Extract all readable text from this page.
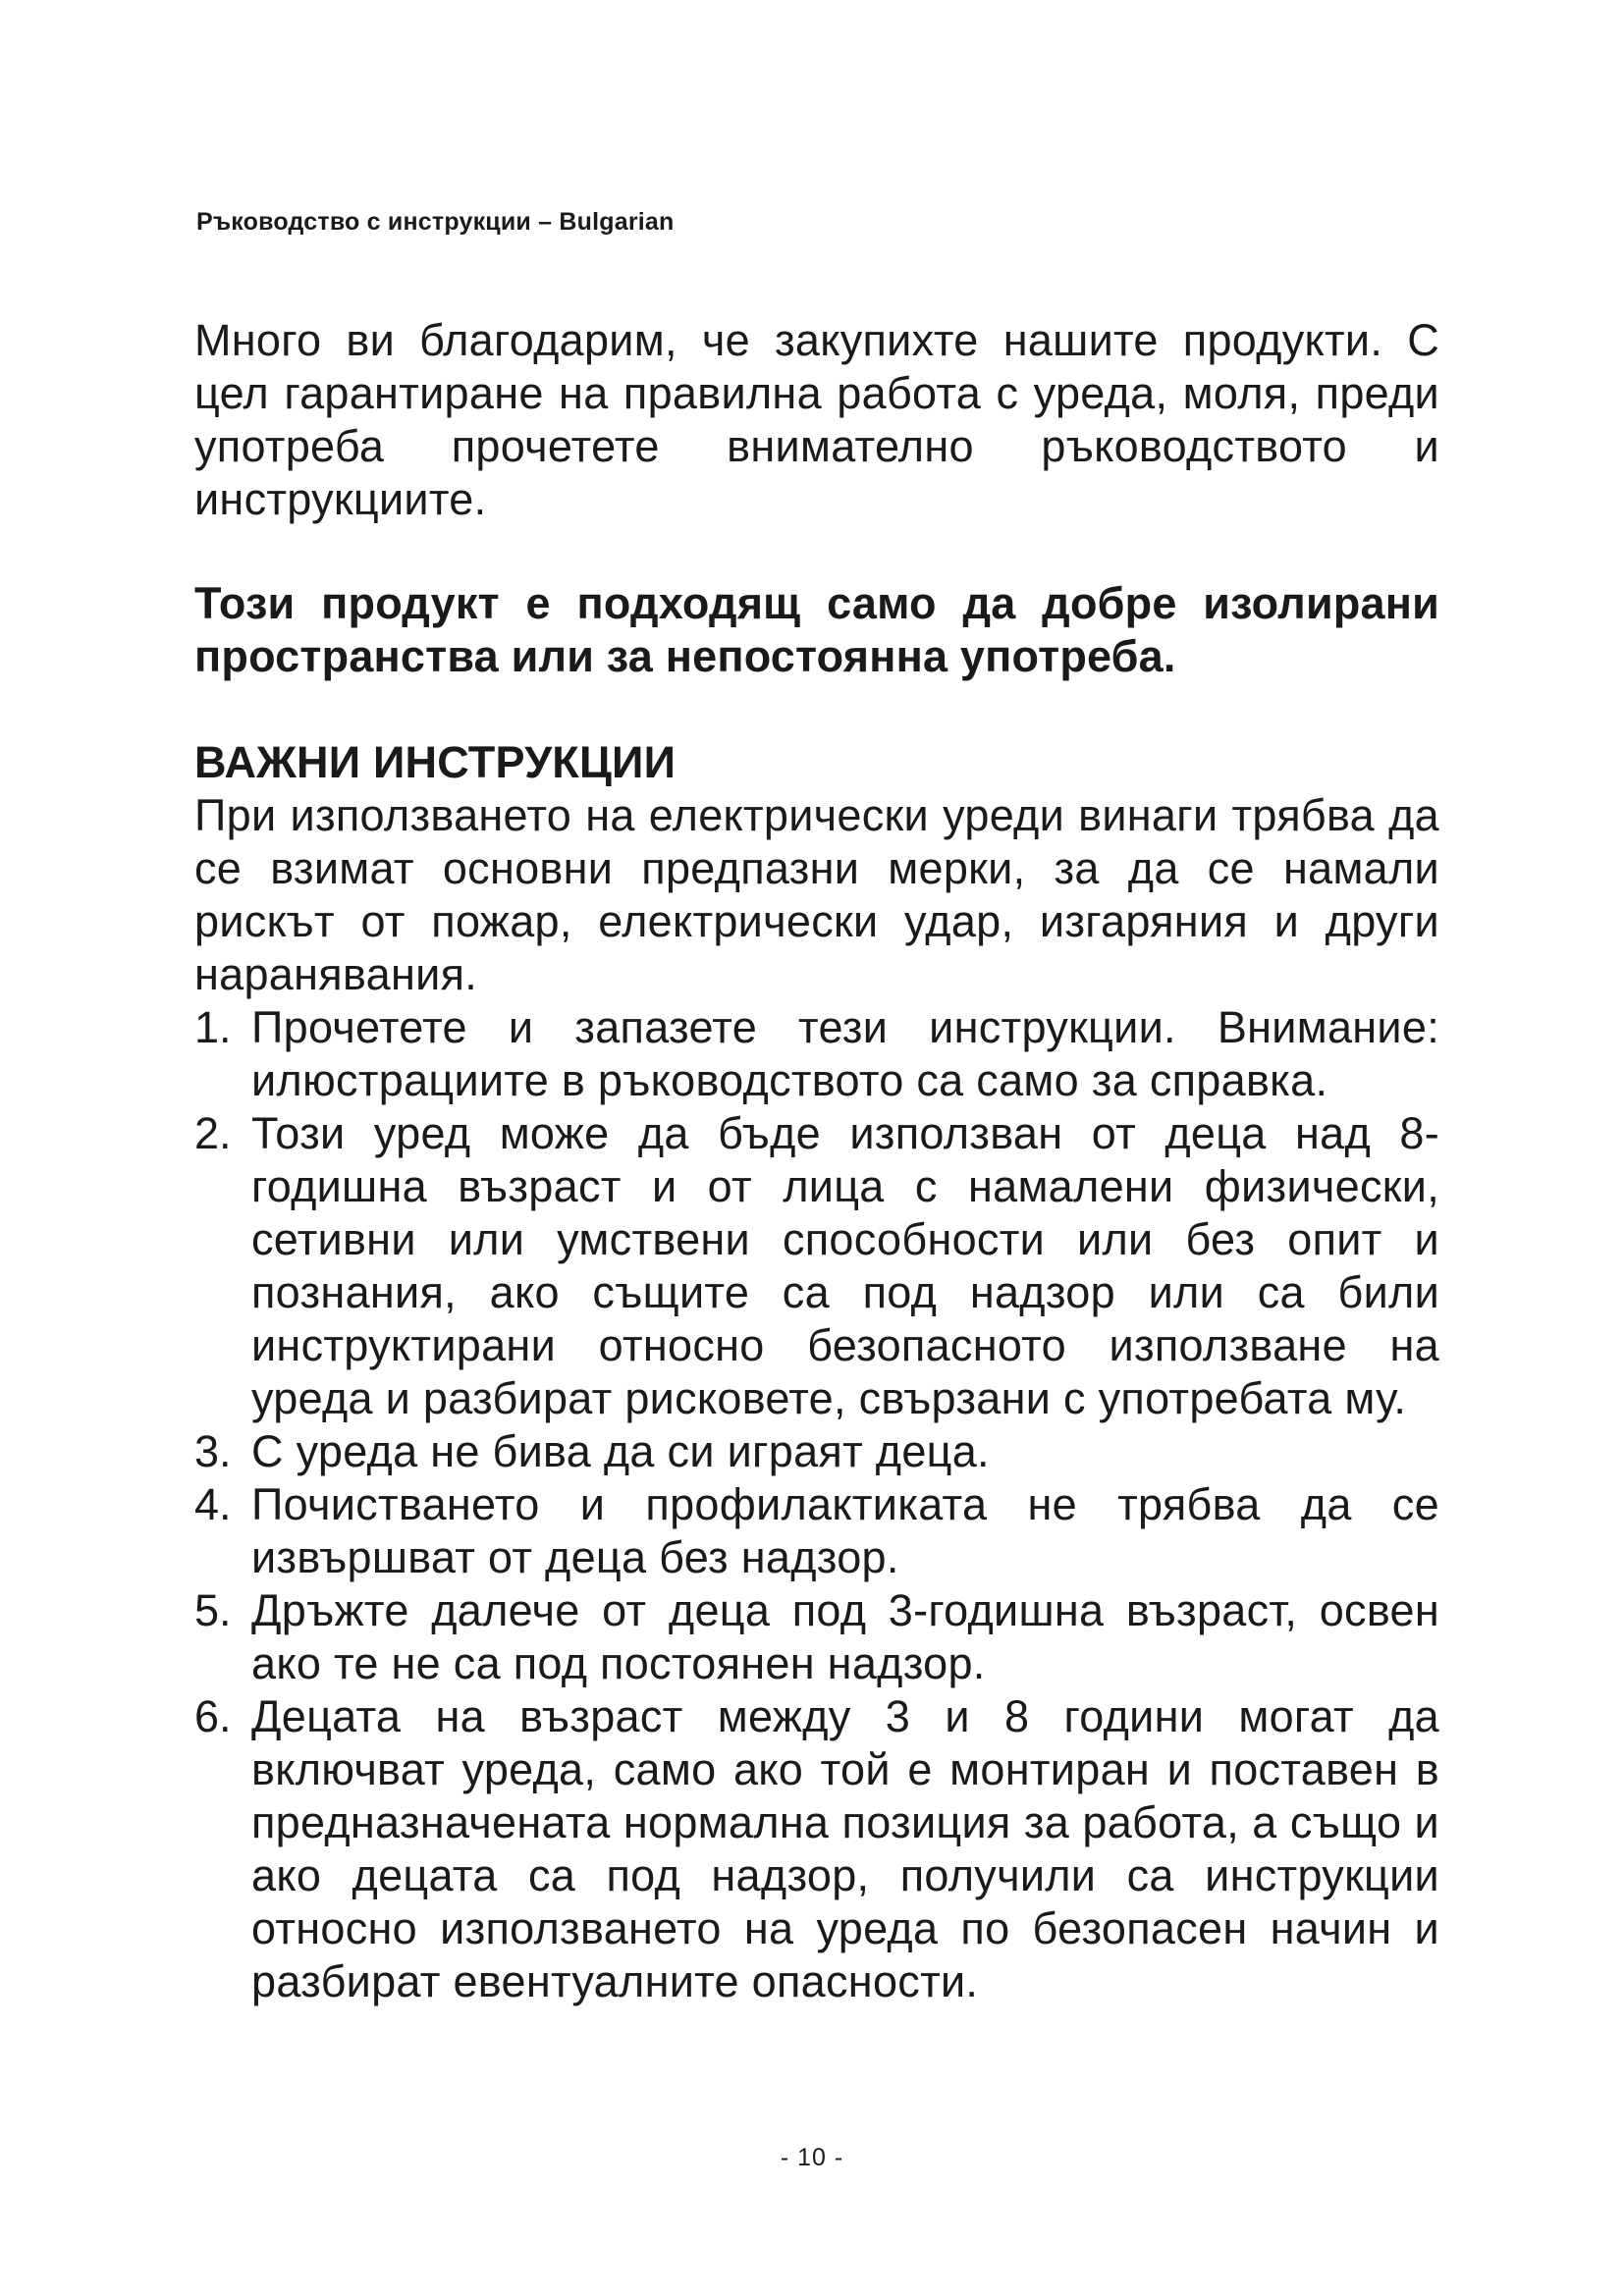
Ръководство с инструкции – Bulgarian

Много ви благодарим, че закупихте нашите продукти. С цел гарантиране на правилна работа с уреда, моля, преди употреба прочетете внимателно ръководството и инструкциите.

Този продукт е подходящ само да добре изолирани пространства или за непостоянна употреба.

ВАЖНИ ИНСТРУКЦИИ

При използването на електрически уреди винаги трябва да се взимат основни предпазни мерки, за да се намали рискът от пожар, електрически удар, изгаряния и други наранявания.

1. Прочетете и запазете тези инструкции. Внимание: илюстрациите в ръководството са само за справка.
2. Този уред може да бъде използван от деца над 8-годишна възраст и от лица с намалени физически, сетивни или умствени способности или без опит и познания, ако същите са под надзор или са били инструктирани относно безопасното използване на уреда и разбират рисковете, свързани с употребата му.
3. С уреда не бива да си играят деца.
4. Почистването и профилактиката не трябва да се извършват от деца без надзор.
5. Дръжте далече от деца под 3-годишна възраст, освен ако те не са под постоянен надзор.
6. Децата на възраст между 3 и 8 години могат да включват уреда, само ако той е монтиран и поставен в предназначената нормална позиция за работа, а също и ако децата са под надзор, получили са инструкции относно използването на уреда по безопасен начин и разбират евентуалните опасности.
- 10 -
